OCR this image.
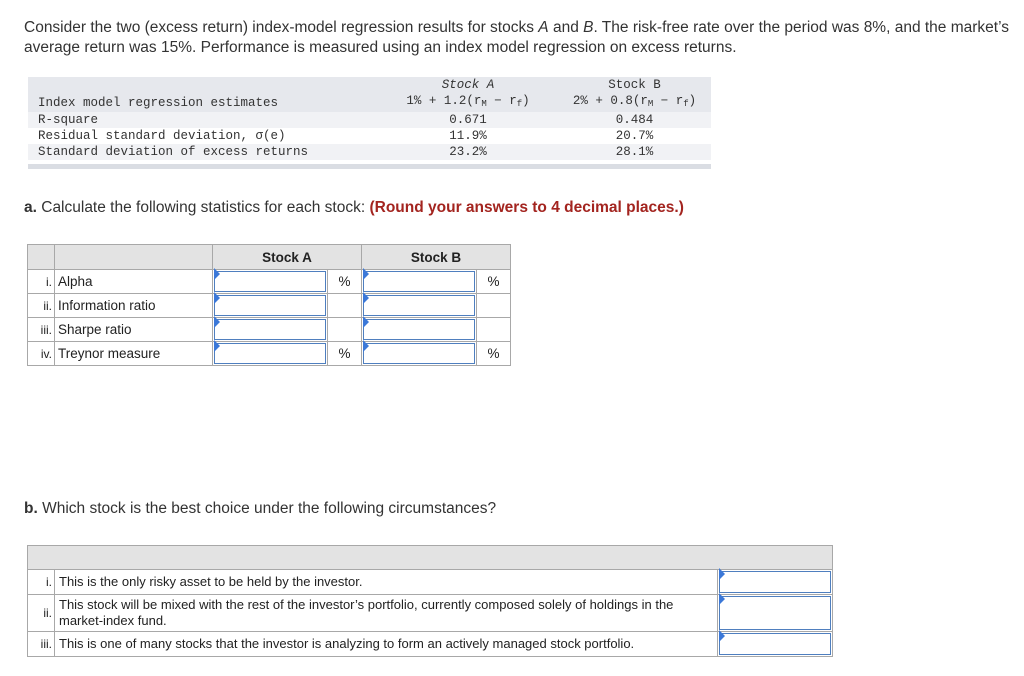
Consider the two (excess return) index-model regression results for stocks A and B. The risk-free rate over the period was 8%, and the market’s average return was 15%. Performance is measured using an index model regression on excess returns.
	Stock A	Stock B
Index model regression estimates	$1\% + 1.2(r_M - r_f)$	$2\% + 0.8(r_M - r_f)$
R-square	0.671	0.484
Residual standard deviation, σ(e)	11.9%	20.7%
Standard deviation of excess returns	23.2%	28.1%

a. Calculate the following statistics for each stock: (Round your answers to 4 decimal places.)
		Stock A		Stock B	
i.	Alpha		%		%
ii.	Information ratio	

iii.	Sharpe ratio	

iv.	Treynor measure		%		%
b. Which stock is the best choice under the following circumstances?

i.	This is the only risky asset to be held by the investor.	

ii.	This stock will be mixed with the rest of the investor’s portfolio, currently composed solely of holdings in the market-index fund.	

iii.	This is one of many stocks that the investor is analyzing to form an actively managed stock portfolio.	
